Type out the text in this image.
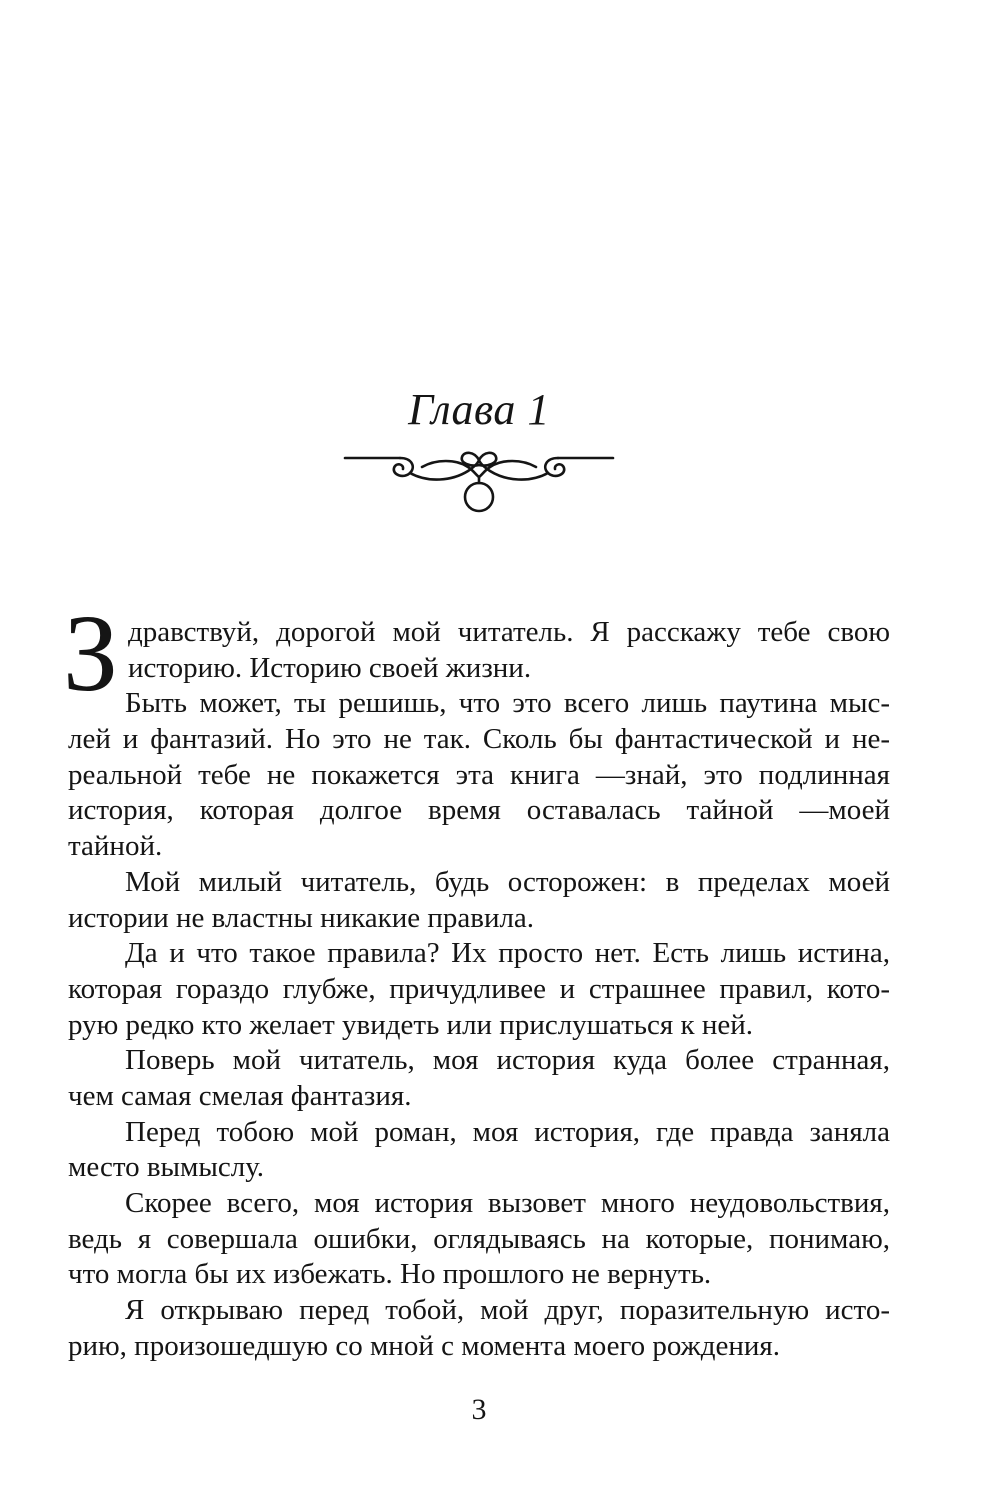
Глава 1
З дравствуй, дорогой мой читатель. Я расскажу тебе свою
историю. Историю своей жизни.
Быть может, ты решишь, что это всего лишь паутина мыс-
лей и фантазий. Но это не так. Сколь бы фантастической и не-
реальной тебе не покажется эта книга —знай, это подлинная
история, которая долгое время оставалась тайной —моей
тайной.
Мой милый читатель, будь осторожен: в пределах моей
истории не властны никакие правила.
Да и что такое правила? Их просто нет. Есть лишь истина,
которая гораздо глубже, причудливее и страшнее правил, кото-
рую редко кто желает увидеть или прислушаться к ней.
Поверь мой читатель, моя история куда более странная,
чем самая смелая фантазия.
Перед тобою мой роман, моя история, где правда заняла
место вымыслу.
Скорее всего, моя история вызовет много неудовольствия,
ведь я совершала ошибки, оглядываясь на которые, понимаю,
что могла бы их избежать. Но прошлого не вернуть.
Я открываю перед тобой, мой друг, поразительную исто-
рию, произошедшую со мной с момента моего рождения.
3
